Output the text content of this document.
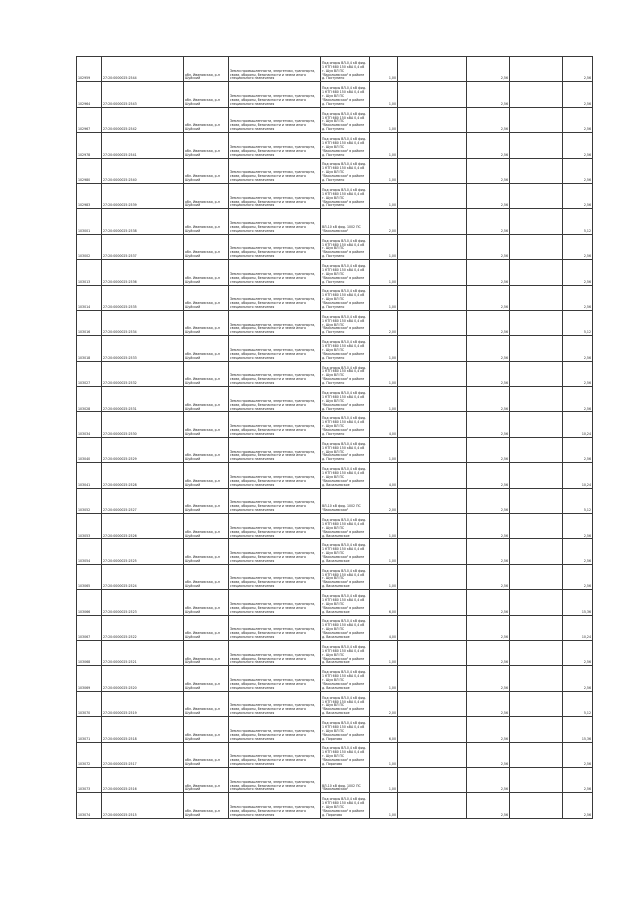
102959	27:20:0000025:2544	обл. Ивановская, р-н Шуйский	Земли промышленности, энергетики, транспорта, связи, обороны, безопасности и земли иного специального назначения	Под опоры ВЛ-0,4 кВ фид. 1 КТП 680 150 кВА 0,4 кВ г. Шуя ВЛ ПС "Васильевская" в районе д. Поступино	1,00		2,56		2,56
102964	27:20:0000025:2543	обл. Ивановская, р-н Шуйский	Земли промышленности, энергетики, транспорта, связи, обороны, безопасности и земли иного специального назначения	Под опоры ВЛ-0,4 кВ фид. 1 КТП 680 150 кВА 0,4 кВ г. Шуя ВЛ ПС "Васильевская" в районе д. Поступино	1,00		2,56		2,56
102967	27:20:0000025:2542	обл. Ивановская, р-н Шуйский	Земли промышленности, энергетики, транспорта, связи, обороны, безопасности и земли иного специального назначения	Под опоры ВЛ-0,4 кВ фид. 1 КТП 680 150 кВА 0,4 кВ г. Шуя ВЛ ПС "Васильевская" в районе д. Поступино	1,00		2,56		2,56
102978	27:20:0000025:2541	обл. Ивановская, р-н Шуйский	Земли промышленности, энергетики, транспорта, связи, обороны, безопасности и земли иного специального назначения	Под опоры ВЛ-0,4 кВ фид. 1 КТП 680 150 кВА 0,4 кВ г. Шуя ВЛ ПС "Васильевская" в районе д. Поступино	1,00		2,56		2,56
102980	27:20:0000025:2540	обл. Ивановская, р-н Шуйский	Земли промышленности, энергетики, транспорта, связи, обороны, безопасности и земли иного специального назначения	Под опоры ВЛ-0,4 кВ фид. 1 КТП 680 150 кВА 0,4 кВ г. Шуя ВЛ ПС "Васильевская" в районе д. Поступино	1,00		2,56		2,56
102983	27:20:0000025:2539	обл. Ивановская, р-н Шуйский	Земли промышленности, энергетики, транспорта, связи, обороны, безопасности и земли иного специального назначения	Под опоры ВЛ-0,4 кВ фид. 1 КТП 680 150 кВА 0,4 кВ г. Шуя ВЛ ПС "Васильевская" в районе д. Поступино	1,00		2,56		2,56
103001	27:20:0000025:2538	обл. Ивановская, р-н Шуйский	Земли промышленности, энергетики, транспорта, связи, обороны, безопасности и земли иного специального назначения	ВЛ-10 кВ фид. 1002 ПС "Васильевская"	2,00		2,56		5,12
103002	27:20:0000025:2537	обл. Ивановская, р-н Шуйский	Земли промышленности, энергетики, транспорта, связи, обороны, безопасности и земли иного специального назначения	Под опоры ВЛ-0,4 кВ фид. 1 КТП 680 150 кВА 0,4 кВ г. Шуя ВЛ ПС "Васильевская" в районе д. Поступино	1,00		2,56		2,56
103013	27:20:0000025:2536	обл. Ивановская, р-н Шуйский	Земли промышленности, энергетики, транспорта, связи, обороны, безопасности и земли иного специального назначения	Под опоры ВЛ-0,4 кВ фид. 1 КТП 680 150 кВА 0,4 кВ г. Шуя ВЛ ПС "Васильевская" в районе д. Поступино	1,00		2,56		2,56
103014	27:20:0000025:2535	обл. Ивановская, р-н Шуйский	Земли промышленности, энергетики, транспорта, связи, обороны, безопасности и земли иного специального назначения	Под опоры ВЛ-0,4 кВ фид. 1 КТП 680 150 кВА 0,4 кВ г. Шуя ВЛ ПС "Васильевская" в районе д. Поступино	1,00		2,56		2,56
103016	27:20:0000025:2534	обл. Ивановская, р-н Шуйский	Земли промышленности, энергетики, транспорта, связи, обороны, безопасности и земли иного специального назначения	Под опоры ВЛ-0,4 кВ фид. 1 КТП 680 150 кВА 0,4 кВ г. Шуя ВЛ ПС "Васильевская" в районе д. Поступино	2,00		2,56		5,12
103018	27:20:0000025:2533	обл. Ивановская, р-н Шуйский	Земли промышленности, энергетики, транспорта, связи, обороны, безопасности и земли иного специального назначения	Под опоры ВЛ-0,4 кВ фид. 1 КТП 680 150 кВА 0,4 кВ г. Шуя ВЛ ПС "Васильевская" в районе д. Поступино	1,00		2,56		2,56
103027	27:20:0000025:2532	обл. Ивановская, р-н Шуйский	Земли промышленности, энергетики, транспорта, связи, обороны, безопасности и земли иного специального назначения	Под опоры ВЛ-0,4 кВ фид. 1 КТП 680 150 кВА 0,4 кВ г. Шуя ВЛ ПС "Васильевская" в районе д. Поступино	1,00		2,56		2,56
103028	27:20:0000025:2531	обл. Ивановская, р-н Шуйский	Земли промышленности, энергетики, транспорта, связи, обороны, безопасности и земли иного специального назначения	Под опоры ВЛ-0,4 кВ фид. 1 КТП 680 150 кВА 0,4 кВ г. Шуя ВЛ ПС "Васильевская" в районе д. Поступино	1,00		2,56		2,56
103034	27:20:0000025:2530	обл. Ивановская, р-н Шуйский	Земли промышленности, энергетики, транспорта, связи, обороны, безопасности и земли иного специального назначения	Под опоры ВЛ-0,4 кВ фид. 1 КТП 680 150 кВА 0,4 кВ г. Шуя ВЛ ПС "Васильевская" в районе д. Поступино	4,00		2,56		10,24
103040	27:20:0000025:2529	обл. Ивановская, р-н Шуйский	Земли промышленности, энергетики, транспорта, связи, обороны, безопасности и земли иного специального назначения	Под опоры ВЛ-0,4 кВ фид. 1 КТП 680 150 кВА 0,4 кВ г. Шуя ВЛ ПС "Васильевская" в районе д. Поступино	1,00		2,56		2,56
103041	27:20:0000025:2528	обл. Ивановская, р-н Шуйский	Земли промышленности, энергетики, транспорта, связи, обороны, безопасности и земли иного специального назначения	Под опоры ВЛ-0,4 кВ фид. 1 КТП 680 150 кВА 0,4 кВ г. Шуя ВЛ ПС "Васильевская" в районе д. Васильевское	4,00		2,56		10,24
103052	27:20:0000025:2527	обл. Ивановская, р-н Шуйский	Земли промышленности, энергетики, транспорта, связи, обороны, безопасности и земли иного специального назначения	ВЛ-10 кВ фид. 1002 ПС "Васильевская"	2,00		2,56		5,12
103053	27:20:0000025:2526	обл. Ивановская, р-н Шуйский	Земли промышленности, энергетики, транспорта, связи, обороны, безопасности и земли иного специального назначения	Под опоры ВЛ-0,4 кВ фид. 1 КТП 680 150 кВА 0,4 кВ г. Шуя ВЛ ПС "Васильевская" в районе д. Васильевское	1,00		2,56		2,56
103054	27:20:0000025:2525	обл. Ивановская, р-н Шуйский	Земли промышленности, энергетики, транспорта, связи, обороны, безопасности и земли иного специального назначения	Под опоры ВЛ-0,4 кВ фид. 1 КТП 680 150 кВА 0,4 кВ г. Шуя ВЛ ПС "Васильевская" в районе д. Васильевское	1,00		2,56		2,56
103065	27:20:0000025:2524	обл. Ивановская, р-н Шуйский	Земли промышленности, энергетики, транспорта, связи, обороны, безопасности и земли иного специального назначения	Под опоры ВЛ-0,4 кВ фид. 1 КТП 680 150 кВА 0,4 кВ г. Шуя ВЛ ПС "Васильевская" в районе д. Васильевское	1,00		2,56		2,56
103066	27:20:0000025:2523	обл. Ивановская, р-н Шуйский	Земли промышленности, энергетики, транспорта, связи, обороны, безопасности и земли иного специального назначения	Под опоры ВЛ-0,4 кВ фид. 1 КТП 680 150 кВА 0,4 кВ г. Шуя ВЛ ПС "Васильевская" в районе д. Васильевское	6,00		2,56		15,36
103067	27:20:0000025:2522	обл. Ивановская, р-н Шуйский	Земли промышленности, энергетики, транспорта, связи, обороны, безопасности и земли иного специального назначения	Под опоры ВЛ-0,4 кВ фид. 1 КТП 680 150 кВА 0,4 кВ г. Шуя ВЛ ПС "Васильевская" в районе д. Васильевское	4,00		2,56		10,24
103068	27:20:0000025:2521	обл. Ивановская, р-н Шуйский	Земли промышленности, энергетики, транспорта, связи, обороны, безопасности и земли иного специального назначения	Под опоры ВЛ-0,4 кВ фид. 1 КТП 680 150 кВА 0,4 кВ г. Шуя ВЛ ПС "Васильевская" в районе д. Васильевское	1,00		2,56		2,56
103069	27:20:0000025:2520	обл. Ивановская, р-н Шуйский	Земли промышленности, энергетики, транспорта, связи, обороны, безопасности и земли иного специального назначения	Под опоры ВЛ-0,4 кВ фид. 1 КТП 680 150 кВА 0,4 кВ г. Шуя ВЛ ПС "Васильевская" в районе д. Васильевское	1,00		2,56		2,56
103070	27:20:0000025:2519	обл. Ивановская, р-н Шуйский	Земли промышленности, энергетики, транспорта, связи, обороны, безопасности и земли иного специального назначения	Под опоры ВЛ-0,4 кВ фид. 1 КТП 680 150 кВА 0,4 кВ г. Шуя ВЛ ПС "Васильевская" в районе д. Васильевское	2,00		2,56		5,12
103071	27:20:0000025:2518	обл. Ивановская, р-н Шуйский	Земли промышленности, энергетики, транспорта, связи, обороны, безопасности и земли иного специального назначения	Под опоры ВЛ-0,4 кВ фид. 1 КТП 680 150 кВА 0,4 кВ г. Шуя ВЛ ПС "Васильевская" в районе д. Пирогово	6,00		2,56		15,36
103072	27:20:0000025:2517	обл. Ивановская, р-н Шуйский	Земли промышленности, энергетики, транспорта, связи, обороны, безопасности и земли иного специального назначения	Под опоры ВЛ-0,4 кВ фид. 1 КТП 680 150 кВА 0,4 кВ г. Шуя ВЛ ПС "Васильевская" в районе д. Пирогово	1,00		2,56		2,56
103073	27:20:0000025:2516	обл. Ивановская, р-н Шуйский	Земли промышленности, энергетики, транспорта, связи, обороны, безопасности и земли иного специального назначения	ВЛ-10 кВ фид. 1002 ПС "Васильевская"	1,00		2,56		2,56
103074	27:20:0000025:2515	обл. Ивановская, р-н Шуйский	Земли промышленности, энергетики, транспорта, связи, обороны, безопасности и земли иного специального назначения	Под опоры ВЛ-0,4 кВ фид. 1 КТП 680 150 кВА 0,4 кВ г. Шуя ВЛ ПС "Васильевская" в районе д. Пирогово	1,00		2,56		2,56
